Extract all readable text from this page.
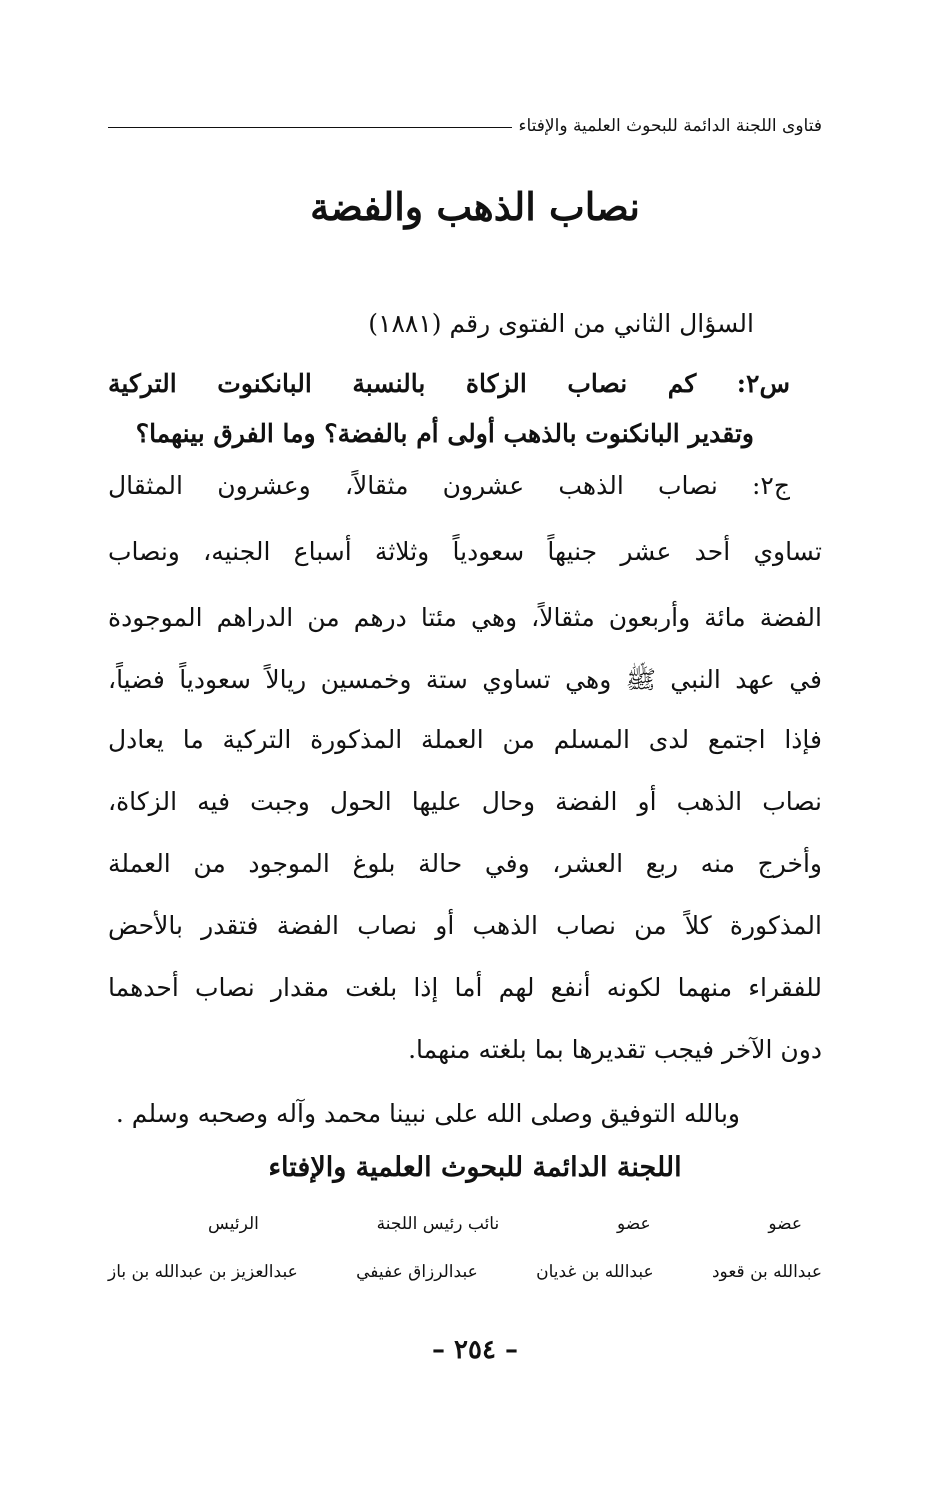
فتاوى اللجنة الدائمة للبحوث العلمية والإفتاء
نصاب الذهب والفضة
السؤال الثاني من الفتوى رقم (١٨٨١)
س٢: كم نصاب الزكاة بالنسبة البانكنوت التركية
وتقدير البانكنوت بالذهب أولى أم بالفضة؟ وما الفرق بينهما؟
ج٢: نصاب الذهب عشرون مثقالاً، وعشرون المثقال
تساوي أحد عشر جنيهاً سعودياً وثلاثة أسباع الجنيه، ونصاب
الفضة مائة وأربعون مثقالاً، وهي مئتا درهم من الدراهم الموجودة
في عهد النبي ﷺ وهي تساوي ستة وخمسين ريالاً سعودياً فضياً،
فإذا اجتمع لدى المسلم من العملة المذكورة التركية ما يعادل
نصاب الذهب أو الفضة وحال عليها الحول وجبت فيه الزكاة،
وأخرج منه ربع العشر، وفي حالة بلوغ الموجود من العملة
المذكورة كلاً من نصاب الذهب أو نصاب الفضة فتقدر بالأحض
للفقراء منهما لكونه أنفع لهم أما إذا بلغت مقدار نصاب أحدهما
دون الآخر فيجب تقديرها بما بلغته منهما.
وبالله التوفيق وصلى الله على نبينا محمد وآله وصحبه وسلم .
اللجنة الدائمة للبحوث العلمية والإفتاء
عضو
عضو
نائب رئيس اللجنة
الرئيس
عبدالله بن قعود
عبدالله بن غديان
عبدالرزاق عفيفي
عبدالعزيز بن عبدالله بن باز
– ٢٥٤ –
